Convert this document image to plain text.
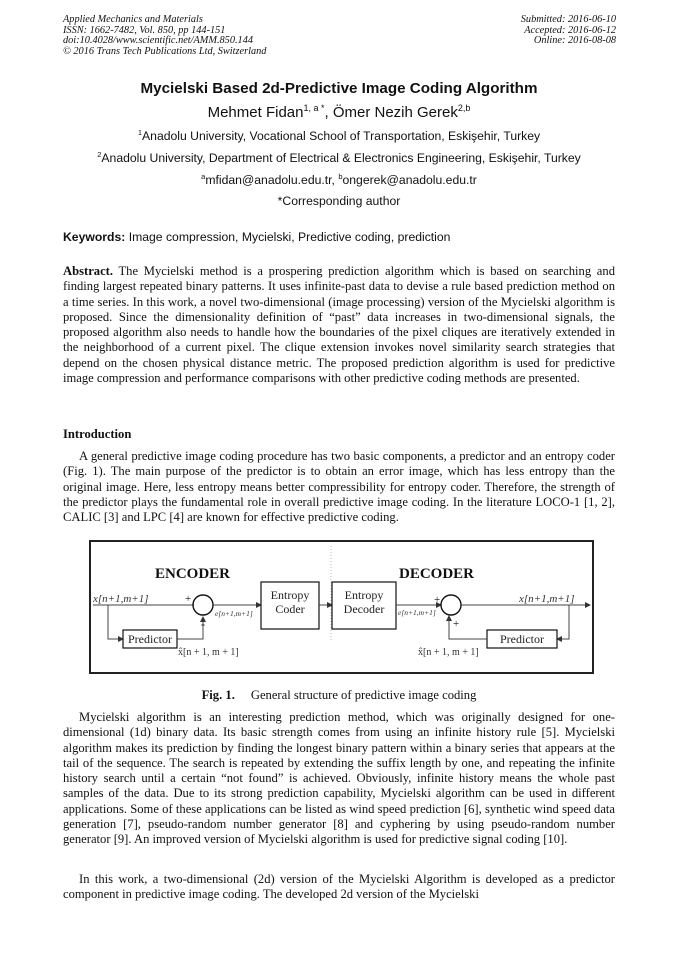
Applied Mechanics and Materials
ISSN: 1662-7482, Vol. 850, pp 144-151
doi:10.4028/www.scientific.net/AMM.850.144
© 2016 Trans Tech Publications Ltd, Switzerland
Submitted: 2016-06-10
Accepted: 2016-06-12
Online: 2016-08-08
Mycielski Based 2d-Predictive Image Coding Algorithm
Mehmet Fidan$^{1, a *}$, Ömer Nezih Gerek$^{2,b}$
$^1$Anadolu University, Vocational School of Transportation, Eskişehir, Turkey
$^2$Anadolu University, Department of Electrical & Electronics Engineering, Eskişehir, Turkey
$^a$mfidan@anadolu.edu.tr, $^b$ongerek@anadolu.edu.tr
*Corresponding author
Keywords: Image compression, Mycielski, Predictive coding, prediction
Abstract. The Mycielski method is a prospering prediction algorithm which is based on searching and finding largest repeated binary patterns. It uses infinite-past data to devise a rule based prediction method on a time series. In this work, a novel two-dimensional (image processing) version of the Mycielski algorithm is proposed. Since the dimensionality definition of “past” data increases in two-dimensional signals, the proposed algorithm also needs to handle how the boundaries of the pixel cliques are iteratively extended in the neighborhood of a current pixel. The clique extension invokes novel similarity search strategies that depend on the chosen physical distance metric. The proposed prediction algorithm is used for predictive image compression and performance comparisons with other predictive coding methods are presented.
Introduction
A general predictive image coding procedure has two basic components, a predictor and an entropy coder (Fig. 1). The main purpose of the predictor is to obtain an error image, which has less entropy than the original image. Here, less entropy means better compressibility for entropy coder. Therefore, the strength of the predictor plays the fundamental role in overall predictive image coding. In the literature LOCO-1 [1, 2], CALIC [3] and LPC [4] are known for effective predictive coding.
ENCODER
x[n+1,m+1]	+
e[n+1,m+1]
-
Entropy
Coder
Predictor
x̂[n + 1, m + 1]
Entropy
Decoder
DECODER
e[n+1,m+1]
+
+
x[n+1,m+1]
Predictor
x̂[n + 1, m + 1]
Fig. 1. General structure of predictive image coding
Mycielski algorithm is an interesting prediction method, which was originally designed for one-dimensional (1d) binary data. Its basic strength comes from using an infinite history rule [5]. Mycielski algorithm makes its prediction by finding the longest binary pattern within a binary series that appears at the tail of the sequence. The search is repeated by extending the suffix length by one, and repeating the infinite history search until a certain “not found” is achieved. Obviously, infinite history means the whole past samples of the data. Due to its strong prediction capability, Mycielski algorithm can be used in different applications. Some of these applications can be listed as wind speed prediction [6], synthetic wind speed data generation [7], pseudo-random number generator [8] and cyphering by using pseudo-random number generator [9]. An improved version of Mycielski algorithm is used for predictive signal coding [10].
In this work, a two-dimensional (2d) version of the Mycielski Algorithm is developed as a predictor component in predictive image coding. The developed 2d version of the Mycielski
